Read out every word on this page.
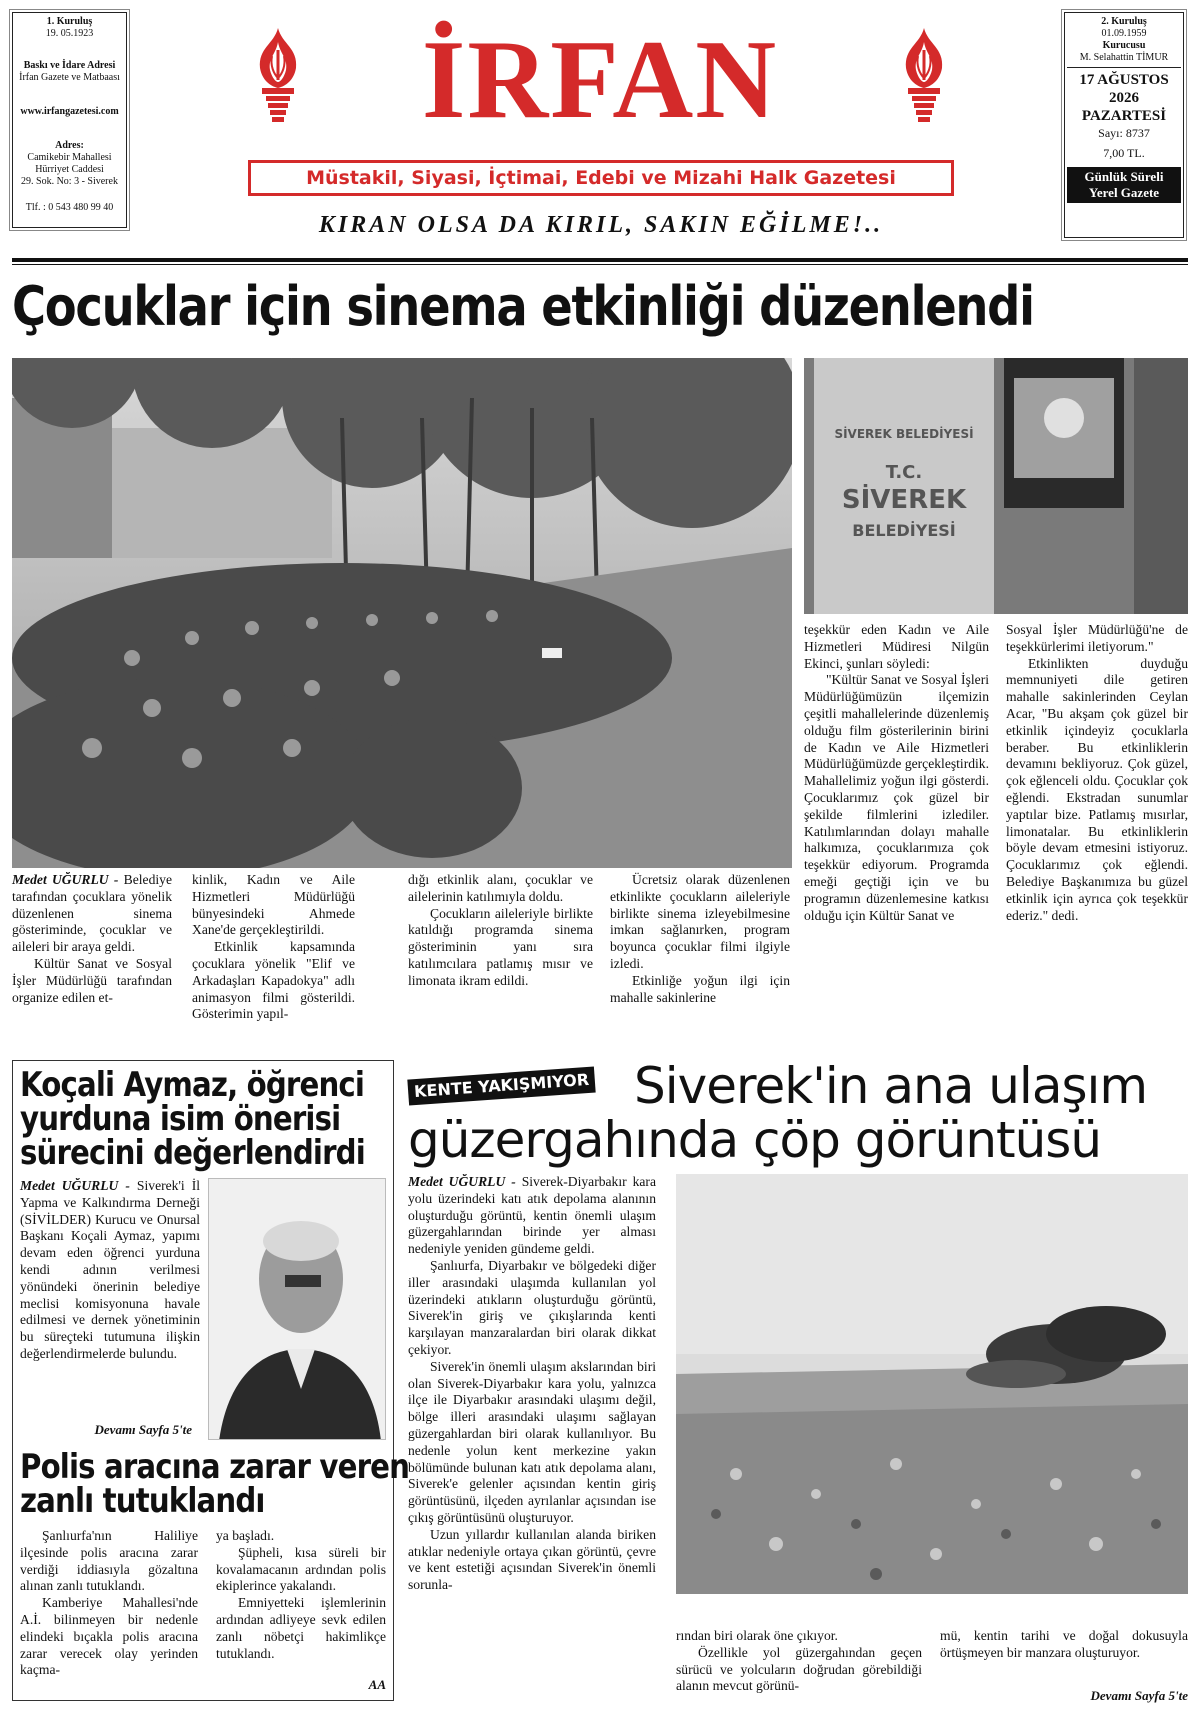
1. Kuruluş
19. 05.1923
Baskı ve İdare Adresi
İrfan Gazete ve Matbaası
www.irfangazetesi.com
Adres:
Camikebir Mahallesi
Hürriyet Caddesi
29. Sok. No: 3 - Siverek
Tlf. : 0 543 480 99 40
İRFAN
Müstakil, Siyasi, İçtimai, Edebi ve Mizahi Halk Gazetesi
KIRAN OLSA DA KIRIL, SAKIN EĞİLME!..
2. Kuruluş
01.09.1959
Kurucusu
M. Selahattin TİMUR
17 AĞUSTOS
2026
PAZARTESİ
Sayı: 8737
7,00 TL.
Günlük Süreli
Yerel Gazete
Çocuklar için sinema etkinliği düzenlendi
SİVEREK BELEDİYESİ
T.C.
SİVEREK
BELEDİYESİ

Medet UĞURLU - Belediye tarafından çocuklara yönelik düzenlenen sinema gösteriminde, çocuklar ve aileleri bir araya geldi.

Kültür Sanat ve Sosyal İşler Müdürlüğü tarafından organize edilen et-

kinlik, Kadın ve Aile Hizmetleri Müdürlüğü bünyesindeki Ahmede Xane'de gerçekleştirildi.

Etkinlik kapsamında çocuklara yönelik "Elif ve Arkadaşları Kapadokya" adlı animasyon filmi gösterildi. Gösterimin yapıl-

dığı etkinlik alanı, çocuklar ve ailelerinin katılımıyla doldu.

Çocukların aileleriyle birlikte katıldığı programda sinema gösteriminin yanı sıra katılımcılara patlamış mısır ve limonata ikram edildi.

Ücretsiz olarak düzenlenen etkinlikte çocukların aileleriyle birlikte sinema izleyebilmesine imkan sağlanırken, program boyunca çocuklar filmi ilgiyle izledi.

Etkinliğe yoğun ilgi için mahalle sakinlerine

teşekkür eden Kadın ve Aile Hizmetleri Müdiresi Nilgün Ekinci, şunları söyledi:

"Kültür Sanat ve Sosyal İşleri Müdürlüğümüzün ilçemizin çeşitli mahallelerinde düzenlemiş olduğu film gösterilerinin birini de Kadın ve Aile Hizmetleri Müdürlüğümüzde gerçekleştirdik. Mahallelimiz yoğun ilgi gösterdi. Çocuklarımız çok güzel bir şekilde filmlerini izlediler. Katılımlarından dolayı mahalle halkımıza, çocuklarımıza çok teşekkür ediyorum. Programda emeği geçtiği için ve bu programın düzenlemesine katkısı olduğu için Kültür Sanat ve

Sosyal İşler Müdürlüğü'ne de teşekkürlerimi iletiyorum."

Etkinlikten duyduğu memnuniyeti dile getiren mahalle sakinlerinden Ceylan Acar, "Bu akşam çok güzel bir etkinlik içindeyiz çocuklarla beraber. Bu etkinliklerin devamını bekliyoruz. Çok güzel, çok eğlenceli oldu. Çocuklar çok eğlendi. Ekstradan sunumlar yaptılar bize. Patlamış mısırlar, limonatalar. Bu etkinliklerin böyle devam etmesini istiyoruz. Çocuklarımız çok eğlendi. Belediye Başkanımıza bu güzel etkinlik için ayrıca çok teşekkür ederiz." dedi.

Koçali Aymaz, öğrenci
yurduna isim önerisi
sürecini değerlendirdi

Medet UĞURLU - Siverek'i İl Yapma ve Kalkındırma Derneği (SİVİLDER) Kurucu ve Onursal Başkanı Koçali Aymaz, yapımı devam eden öğrenci yurduna kendi adının verilmesi yönündeki önerinin belediye meclisi komisyonuna havale edilmesi ve dernek yönetiminin bu süreçteki tutumuna ilişkin değerlendirmelerde bulundu.

Devamı Sayfa 5'te
Polis aracına zarar veren
zanlı tutuklandı

Şanlıurfa'nın Haliliye ilçesinde polis aracına zarar verdiği iddiasıyla gözaltına alınan zanlı tutuklandı.

Kamberiye Mahallesi'nde A.İ. bilinmeyen bir nedenle elindeki bıçakla polis aracına zarar verecek olay yerinden kaçma-

ya başladı.

Şüpheli, kısa süreli bir kovalamacanın ardından polis ekiplerince yakalandı.

Emniyetteki işlemlerinin ardından adliyeye sevk edilen zanlı nöbetçi hakimlikçe tutuklandı.

AA
KENTE YAKIŞMIYOR Siverek'in ana ulaşım
güzergahında çöp görüntüsü

Medet UĞURLU - Siverek-Diyarbakır kara yolu üzerindeki katı atık depolama alanının oluşturduğu görüntü, kentin önemli ulaşım güzergahlarından birinde yer alması nedeniyle yeniden gündeme geldi.

Şanlıurfa, Diyarbakır ve bölgedeki diğer iller arasındaki ulaşımda kullanılan yol üzerindeki atıkların oluşturduğu görüntü, Siverek'in giriş ve çıkışlarında kenti karşılayan manzaralardan biri olarak dikkat çekiyor.

Siverek'in önemli ulaşım akslarından biri olan Siverek-Diyarbakır kara yolu, yalnızca ilçe ile Diyarbakır arasındaki ulaşımı değil, bölge illeri arasındaki ulaşımı sağlayan güzergahlardan biri olarak kullanılıyor. Bu nedenle yolun kent merkezine yakın bölümünde bulunan katı atık depolama alanı, Siverek'e gelenler açısından kentin giriş görüntüsünü, ilçeden ayrılanlar açısından ise çıkış görüntüsünü oluşturuyor.

Uzun yıllardır kullanılan alanda biriken atıklar nedeniyle ortaya çıkan görüntü, çevre ve kent estetiği açısından Siverek'in önemli sorunla-

rından biri olarak öne çıkıyor.

Özellikle yol güzergahından geçen sürücü ve yolcuların doğrudan görebildiği alanın mevcut görünü-

mü, kentin tarihi ve doğal dokusuyla örtüşmeyen bir manzara oluşturuyor.

Devamı Sayfa 5'te
